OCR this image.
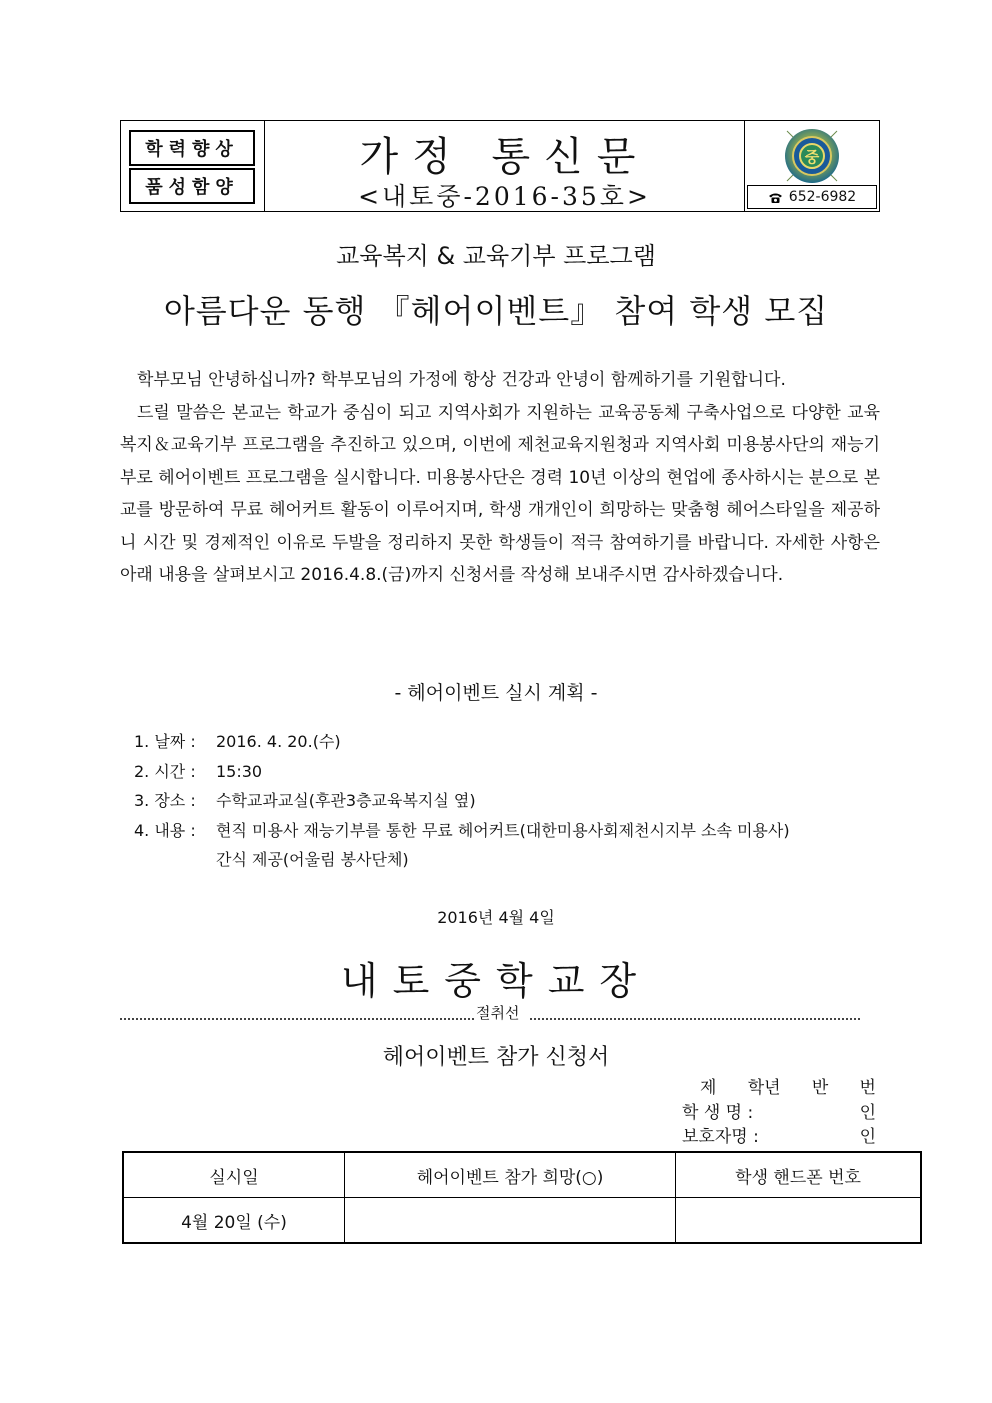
학력향상
품성함양
가정 통신문
<내토중-2016-35호>
중
652-6982
교육복지 & 교육기부 프로그램
아름다운 동행 『헤어이벤트』 참여 학생 모집

학부모님 안녕하십니까? 학부모님의 가정에 항상 건강과 안녕이 함께하기를 기원합니다.

드릴 말씀은 본교는 학교가 중심이 되고 지역사회가 지원하는 교육공동체 구축사업으로 다양한 교육복지＆교육기부 프로그램을 추진하고 있으며, 이번에 제천교육지원청과 지역사회 미용봉사단의 재능기부로 헤어이벤트 프로그램을 실시합니다. 미용봉사단은 경력 10년 이상의 현업에 종사하시는 분으로 본교를 방문하여 무료 헤어커트 활동이 이루어지며, 학생 개개인이 희망하는 맞춤형 헤어스타일을 제공하니 시간 및 경제적인 이유로 두발을 정리하지 못한 학생들이 적극 참여하기를 바랍니다. 자세한 사항은 아래 내용을 살펴보시고 2016.4.8.(금)까지 신청서를 작성해 보내주시면 감사하겠습니다.

- 헤어이벤트 실시 계획 -
1. 날짜 :	2016. 4. 20.(수)
2. 시간 :	15:30
3. 장소 :	수학교과교실(후관3층교육복지실 옆)
4. 내용 :	현직 미용사 재능기부를 통한 무료 헤어커트(대한미용사회제천시지부 소속 미용사)
간식 제공(어울림 봉사단체)
2016년 4월 4일
내토중학교장
절취선
헤어이벤트 참가 신청서
제 학년 반 번
학 생 명 :	인
보호자명 :	인
실시일	헤어이벤트 참가 희망(○)	학생 핸드폰 번호
4월 20일 (수)		
